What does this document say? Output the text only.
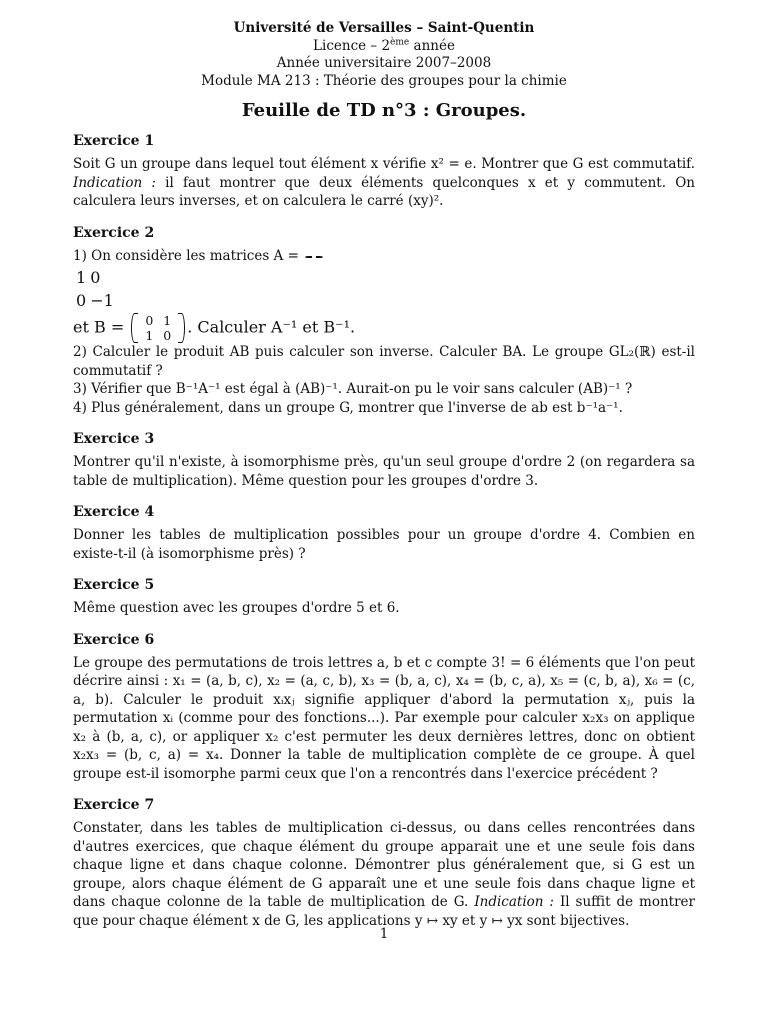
Université de Versailles – Saint-Quentin
Licence – 2ème année
Année universitaire 2007–2008
Module MA 213 : Théorie des groupes pour la chimie
Feuille de TD n°3 : Groupes.
Exercice 1

Soit G un groupe dans lequel tout élément x vérifie x² = e. Montrer que G est commutatif. Indication : il faut montrer que deux éléments quelconques x et y commutent. On calculera leurs inverses, et on calculera le carré (xy)².

Exercice 2

1) On considère les matrices A =

1	0
0	−1
et B = 0	1
1	0 . Calculer A⁻¹ et B⁻¹.

2) Calculer le produit AB puis calculer son inverse. Calculer BA. Le groupe GL₂(ℝ) est-il commutatif ?

3) Vérifier que B⁻¹A⁻¹ est égal à (AB)⁻¹. Aurait-on pu le voir sans calculer (AB)⁻¹ ?

4) Plus généralement, dans un groupe G, montrer que l'inverse de ab est b⁻¹a⁻¹.

Exercice 3

Montrer qu'il n'existe, à isomorphisme près, qu'un seul groupe d'ordre 2 (on regardera sa table de multiplication). Même question pour les groupes d'ordre 3.

Exercice 4

Donner les tables de multiplication possibles pour un groupe d'ordre 4. Combien en existe-t-il (à isomorphisme près) ?

Exercice 5

Même question avec les groupes d'ordre 5 et 6.

Exercice 6

Le groupe des permutations de trois lettres a, b et c compte 3! = 6 éléments que l'on peut décrire ainsi : x₁ = (a, b, c), x₂ = (a, c, b), x₃ = (b, a, c), x₄ = (b, c, a), x₅ = (c, b, a), x₆ = (c, a, b). Calculer le produit xᵢxⱼ signifie appliquer d'abord la permutation xⱼ, puis la permutation xᵢ (comme pour des fonctions...). Par exemple pour calculer x₂x₃ on applique x₂ à (b, a, c), or appliquer x₂ c'est permuter les deux dernières lettres, donc on obtient x₂x₃ = (b, c, a) = x₄. Donner la table de multiplication complète de ce groupe. À quel groupe est-il isomorphe parmi ceux que l'on a rencontrés dans l'exercice précédent ?

Exercice 7

Constater, dans les tables de multiplication ci-dessus, ou dans celles rencontrées dans d'autres exercices, que chaque élément du groupe apparait une et une seule fois dans chaque ligne et dans chaque colonne. Démontrer plus généralement que, si G est un groupe, alors chaque élément de G apparaît une et une seule fois dans chaque ligne et dans chaque colonne de la table de multiplication de G. Indication : Il suffit de montrer que pour chaque élément x de G, les applications y ↦ xy et y ↦ yx sont bijectives.

1
